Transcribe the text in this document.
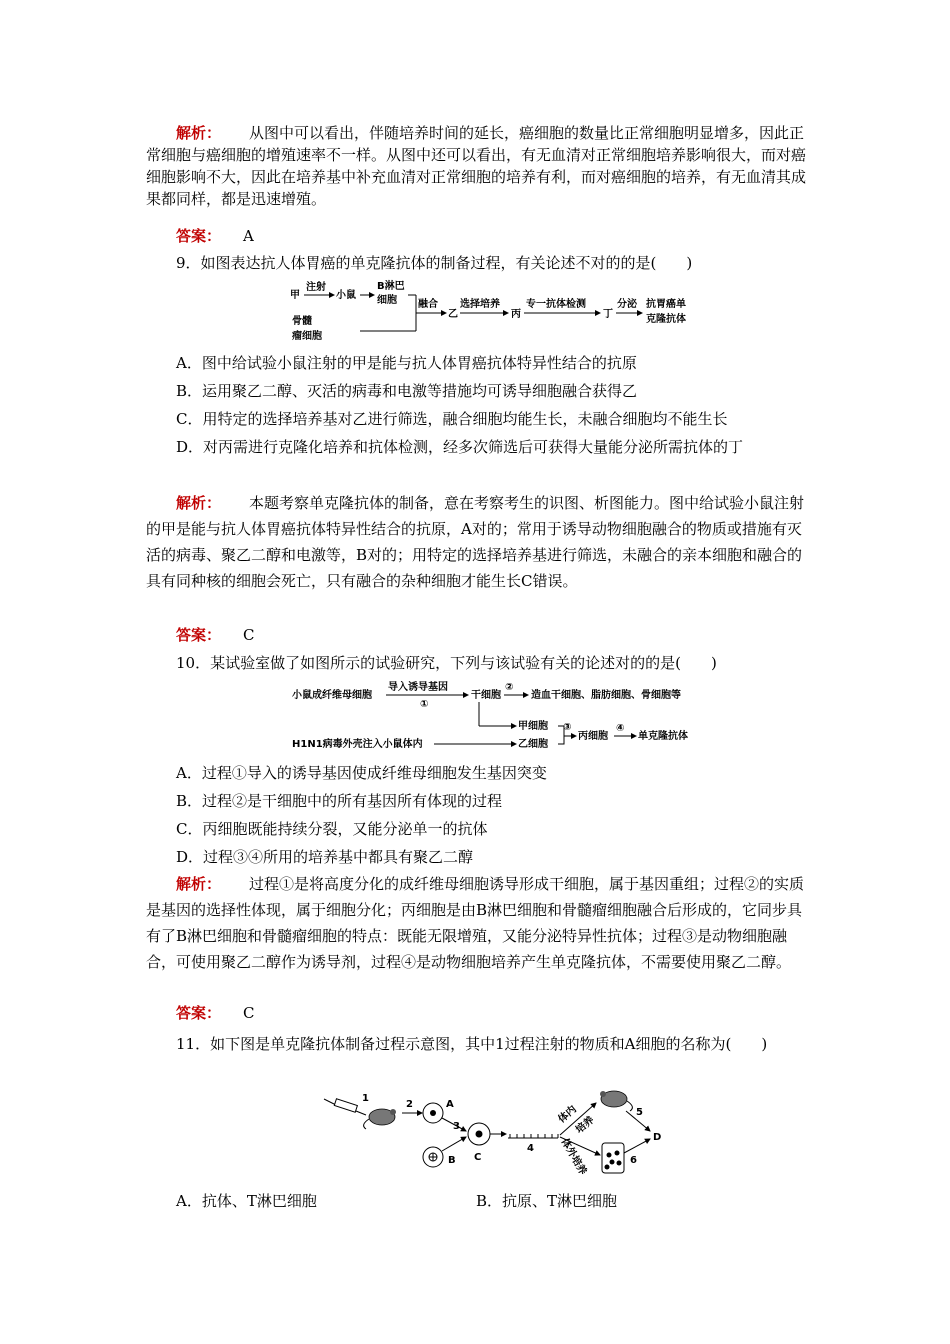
解析： 从图中可以看出，伴随培养时间的延长，癌细胞的数量比正常细胞明显增多，因此正常细胞与癌细胞的增殖速率不一样。从图中还可以看出，有无血清对正常细胞培养影响很大，而对癌细胞影响不大，因此在培养基中补充血清对正常细胞的培养有利，而对癌细胞的培养，有无血清其成果都同样，都是迅速增殖。

答案： A

9．如图表达抗人体胃癌的单克隆抗体的制备过程，有关论述不对的的是(　　)

甲
注射
小鼠
B淋巴
细胞
骨髓
瘤细胞
融合
乙
选择培养
丙
专一抗体检测
丁
分泌 抗胃癌单
克隆抗体
A．图中给试验小鼠注射的甲是能与抗人体胃癌抗体特异性结合的抗原
B．运用聚乙二醇、灭活的病毒和电激等措施均可诱导细胞融合获得乙
C．用特定的选择培养基对乙进行筛选，融合细胞均能生长，未融合细胞均不能生长

D．对丙需进行克隆化培养和抗体检测，经多次筛选后可获得大量能分泌所需抗体的丁

解析： 本题考察单克隆抗体的制备，意在考察考生的识图、析图能力。图中给试验小鼠注射的甲是能与抗人体胃癌抗体特异性结合的抗原，A对的；常用于诱导动物细胞融合的物质或措施有灭活的病毒、聚乙二醇和电激等，B对的；用特定的选择培养基进行筛选，未融合的亲本细胞和融合的具有同种核的细胞会死亡，只有融合的杂种细胞才能生长C错误。

答案： C

10．某试验室做了如图所示的试验研究，下列与该试验有关的论述对的的是(　　)

小鼠成纤维母细胞
导入诱导基因
①
干细胞
②
造血干细胞、脂肪细胞、骨细胞等
甲细胞
H1N1病毒外壳注入小鼠体内	乙细胞
③
丙细胞
④
单克隆抗体
A．过程①导入的诱导基因使成纤维母细胞发生基因突变
B．过程②是干细胞中的所有基因所有体现的过程
C．丙细胞既能持续分裂，又能分泌单一的抗体
D．过程③④所用的培养基中都具有聚乙二醇

解析： 过程①是将高度分化的成纤维母细胞诱导形成干细胞，属于基因重组；过程②的实质是基因的选择性体现，属于细胞分化；丙细胞是由B淋巴细胞和骨髓瘤细胞融合后形成的，它同步具有了B淋巴细胞和骨髓瘤细胞的特点：既能无限增殖，又能分泌特异性抗体；过程③是动物细胞融合，可使用聚乙二醇作为诱导剂，过程④是动物细胞培养产生单克隆抗体，不需要使用聚乙二醇。

答案： C

11．如下图是单克隆抗体制备过程示意图，其中1过程注射的物质和A细胞的名称为(　　)

1
2	A
B
3
C
4
体内
培养
体外培养
5
6
D
A．抗体、T淋巴细胞	B．抗原、T淋巴细胞
